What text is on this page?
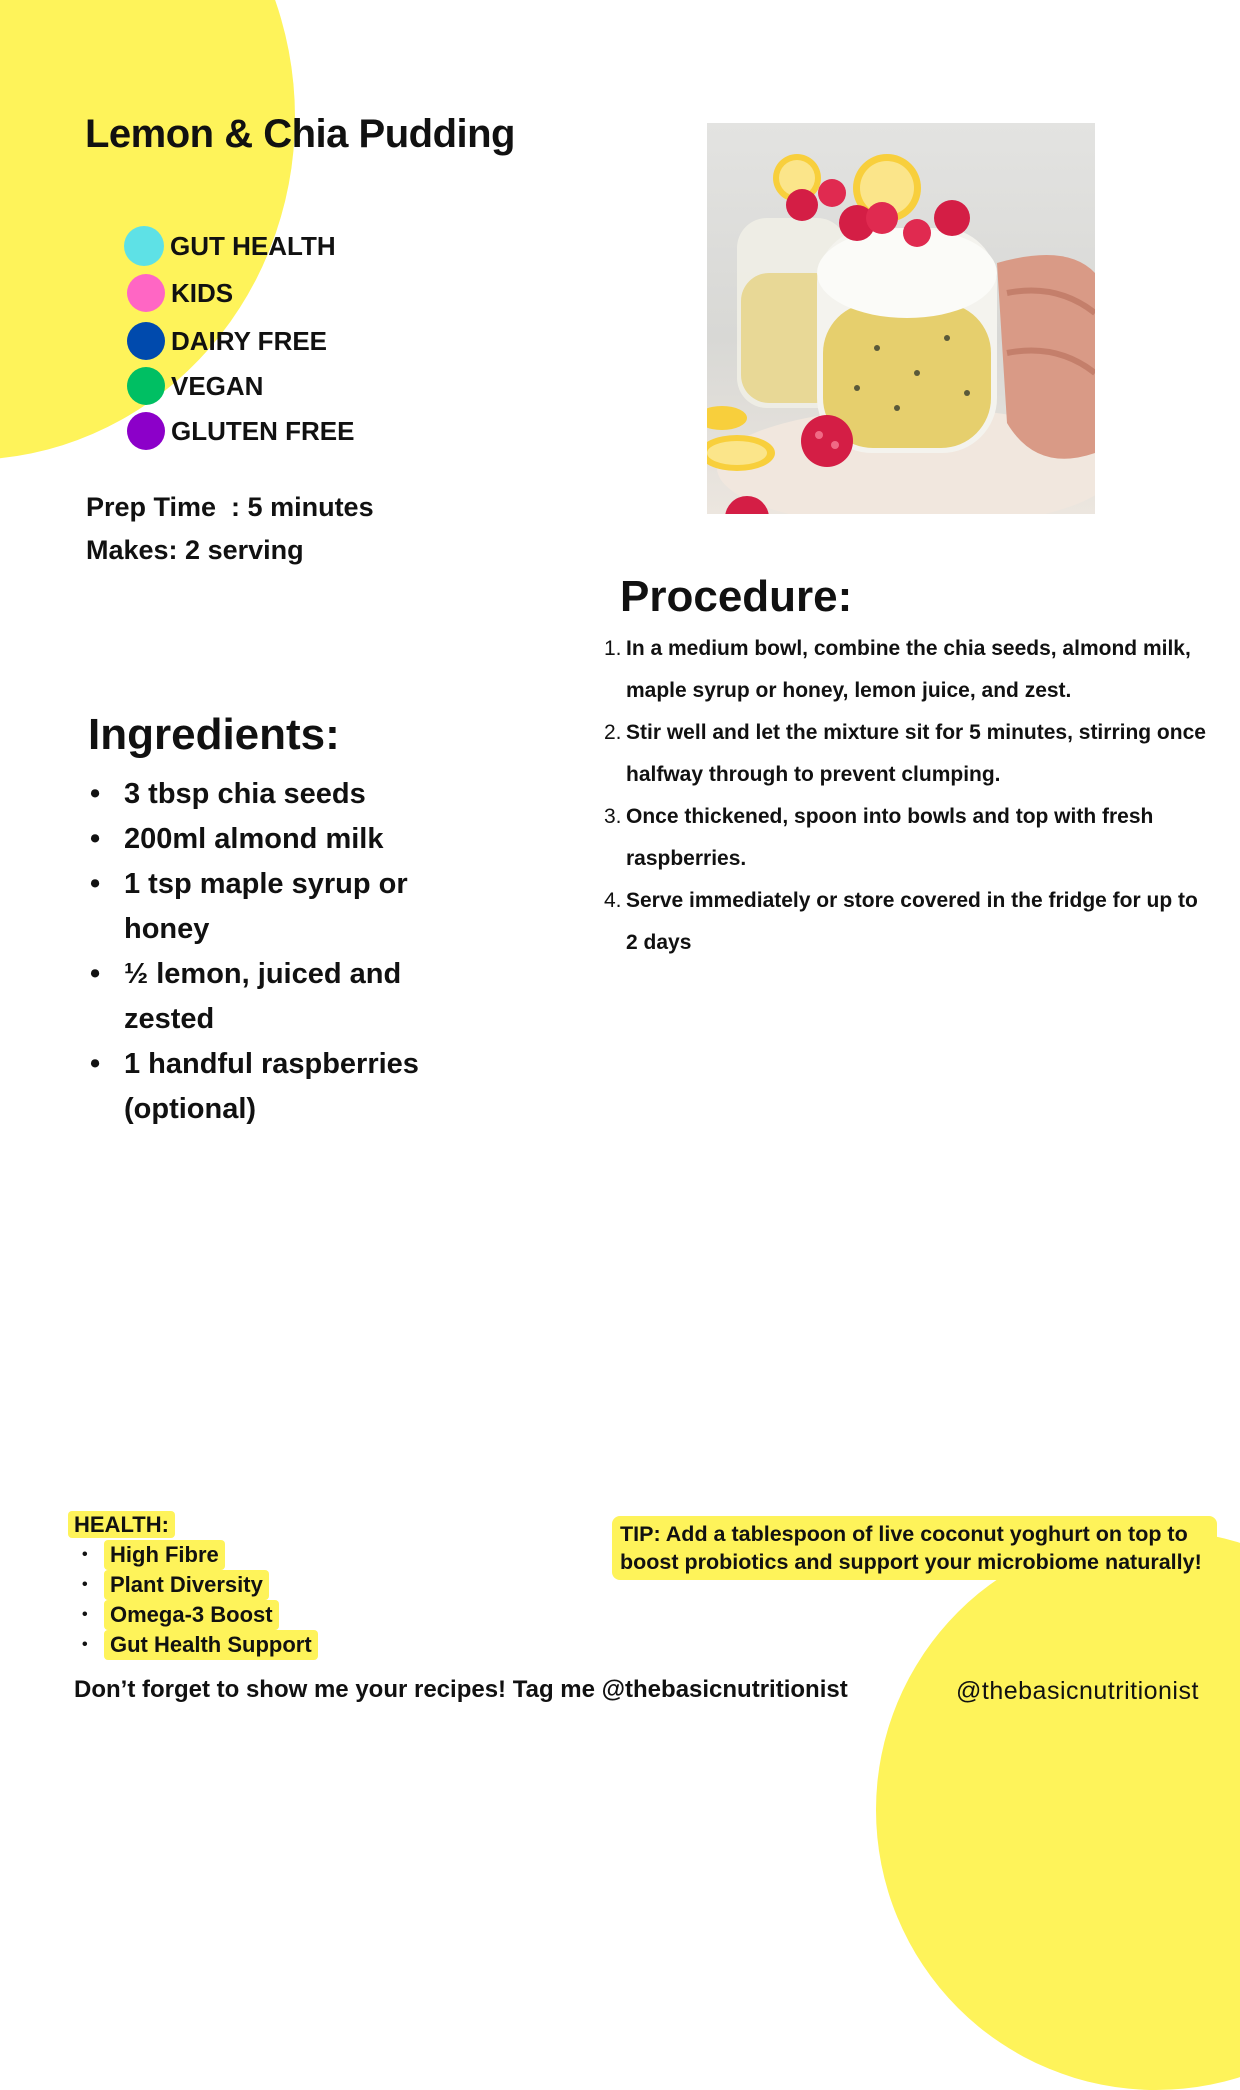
Lemon & Chia Pudding
GUT HEALTH
KIDS
DAIRY FREE
VEGAN
GLUTEN FREE
Prep Time  : 5 minutes
Makes: 2 serving
Procedure:
1. In a medium bowl, combine the chia seeds, almond milk, maple syrup or honey, lemon juice, and zest.
2. Stir well and let the mixture sit for 5 minutes, stirring once halfway through to prevent clumping.
3. Once thickened, spoon into bowls and top with fresh raspberries.
4. Serve immediately or store covered in the fridge for up to 2 days
Ingredients:
• 3 tbsp chia seeds
• 200ml almond milk
• 1 tsp maple syrup or honey
• ½ lemon, juiced and zested
• 1 handful raspberries (optional)
HEALTH:
•	High Fibre
•	Plant Diversity
•	Omega-3 Boost
•	Gut Health Support
TIP: Add a tablespoon of live coconut yoghurt on top to boost probiotics and support your microbiome naturally!
Don’t forget to show me your recipes! Tag me @thebasicnutritionist	@thebasicnutritionist
